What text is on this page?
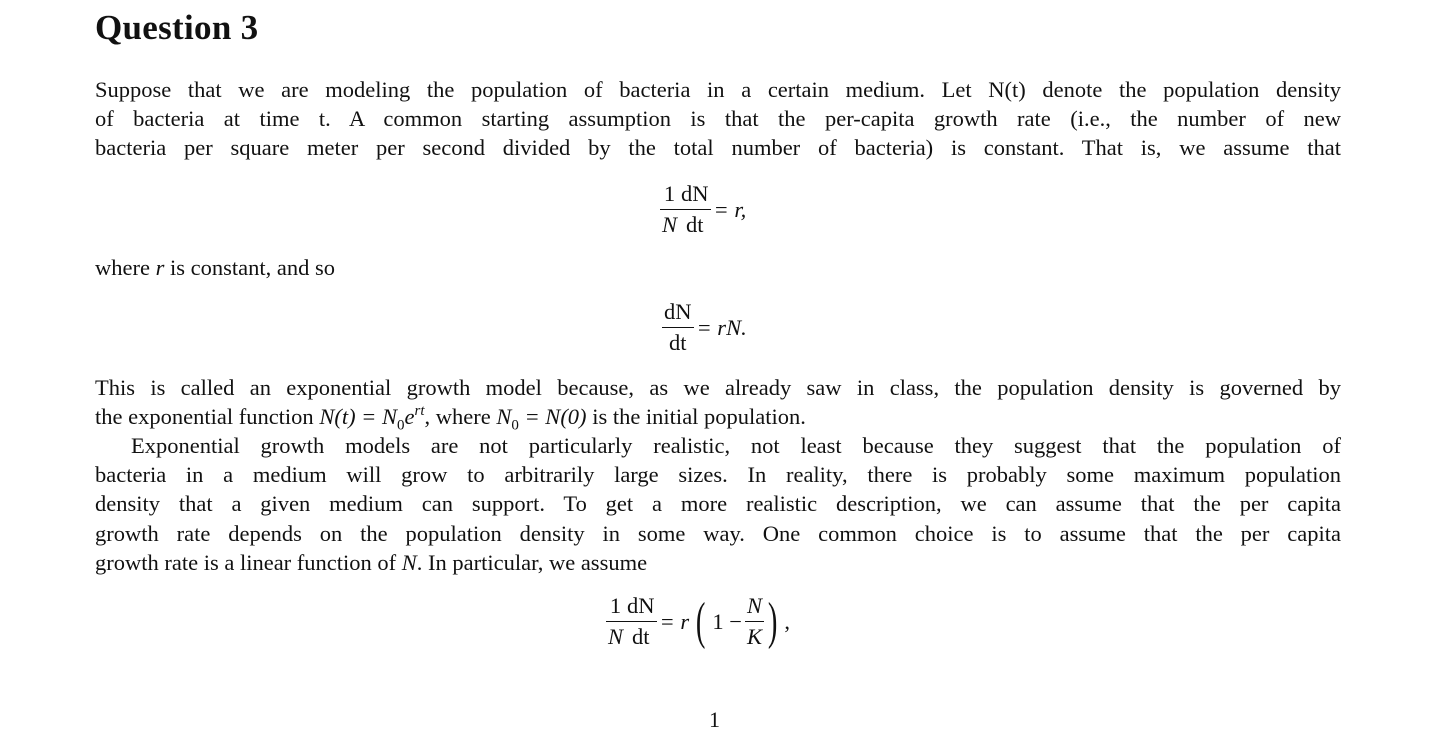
Question 3
Suppose that we are modeling the population of bacteria in a certain medium. Let N(t) denote the population density
of bacteria at time t. A common starting assumption is that the per-capita growth rate (i.e., the number of new
bacteria per square meter per second divided by the total number of bacteria) is constant. That is, we assume that
$\frac{1}{N} \frac{dN}{dt} = r$,
where r is constant, and so
$\frac{dN}{dt}$ = rN.
This is called an exponential growth model because, as we already saw in class, the population density is governed by
the exponential function $N(t) = N_0e^{rt}$, where $N_0 = N(0)$ is the initial population.
Exponential growth models are not particularly realistic, not least because they suggest that the population of
bacteria in a medium will grow to arbitrarily large sizes. In reality, there is probably some maximum population
density that a given medium can support. To get a more realistic description, we can assume that the per capita
growth rate depends on the population density in some way. One common choice is to assume that the per capita
growth rate is a linear function of N. In particular, we assume
$\frac{1}{N} \frac{dN}{dt} = r$ ( $1 - \frac{N}{K}$ ) ,
1
